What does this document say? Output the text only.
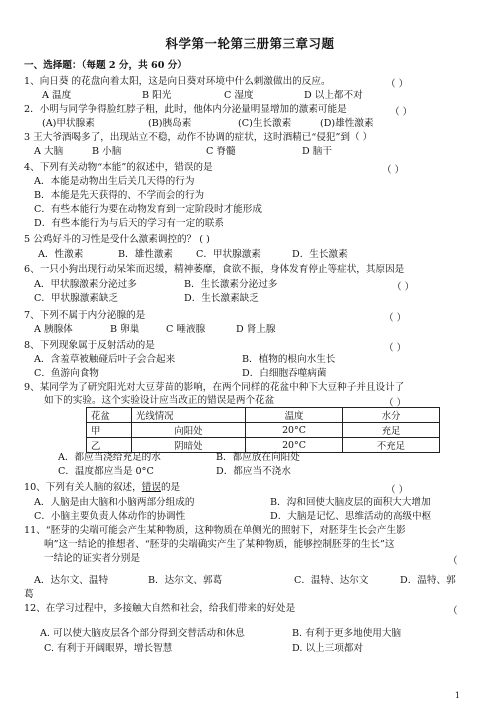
科学第一轮第三册第三章习题
一、选择题：（每题 2 分，共 60 分）
1、向日葵 的花盘向着太阳，这是向日葵对环境中什么刺激做出的反应。	（ ）
A 温度	B 阳光	C 湿度	D 以上都不对
2．小明与同学争得脸红脖子粗，此时，他体内分泌量明显增加的激素可能是	（ ）
(A)甲状腺素	(B)胰岛素	(C)生长激素	(D)雄性激素
3 王大爷酒喝多了，出现站立不稳，动作不协调的症状，这时酒精已“侵犯”到（ ）
A 大脑	B 小脑	C 脊髓	D 脑干
4、下列有关动物“本能”的叙述中，错误的是	（ ）
A．本能是动物出生后关几天得的行为
B．本能是先天获得的、不学而会的行为
C．有些本能行为要在动物发育到一定阶段时才能形成
D．有些本能行为与后天的学习有一定的联系
5 公鸡好斗的习性是受什么激素调控的？ ( )
A．性激素	B．雄性激素 C．甲状腺激素	D．生长激素
6、一只小狗出现行动呆笨而迟缓，精神萎靡，食欲不振，身体发育停止等症状，其原因是
（ ）
A．甲状腺激素分泌过多	B．生长激素分泌过多
C．甲状腺激素缺乏	D．生长激素缺乏
7、下列不属于内分泌腺的是	（ ）
A 胰腺体	B 卵巢	C 唾液腺	D 肾上腺
8、下列现象属于反射活动的是	（ ）
A．含羞草被触碰后叶子会合起来	B．植物的根向水生长
C．鱼游向食物	D．白细胞吞噬病菌
9、某同学为了研究阳光对大豆芽苗的影响，在两个同样的花盆中种下大豆种子并且设计了
如下的实验。这个实验设计应当改正的错误是两个花盆	（ ）
花盆	光线情况	温度	水分
甲	向阳处	20°C	充足
乙	阴暗处	20°C	不充足
A．都应当浇给充足的水	B．都应放在向阳处
C．温度都应当是 0°C	D．都应当不浇水
10、下列有关人脑的叙述，错误的是	（ ）
A．人脑是由大脑和小脑两部分组成的	B．沟和回使大脑皮层的面积大大增加
C．小脑主要负责人体动作的协调性	D．大脑是记忆、思维活动的高级中枢
11、“胚芽的尖端可能会产生某种物质，这种物质在单侧光的照射下，对胚芽生长会产生影
响”这一结论的推想者、“胚芽的尖端确实产生了某种物质，能够控制胚芽的生长”这
一结论的证实者分别是	（
A．达尔文、温特	B．达尔文、郭葛	C．温特、达尔文	D．温特、郭
葛
12、在学习过程中，多接触大自然和社会，给我们带来的好处是	（
A. 可以使大脑皮层各个部分得到交替活动和休息	B. 有利于更多地使用大脑
C. 有利于开阔眼界，增长智慧	D. 以上三项都对
1
